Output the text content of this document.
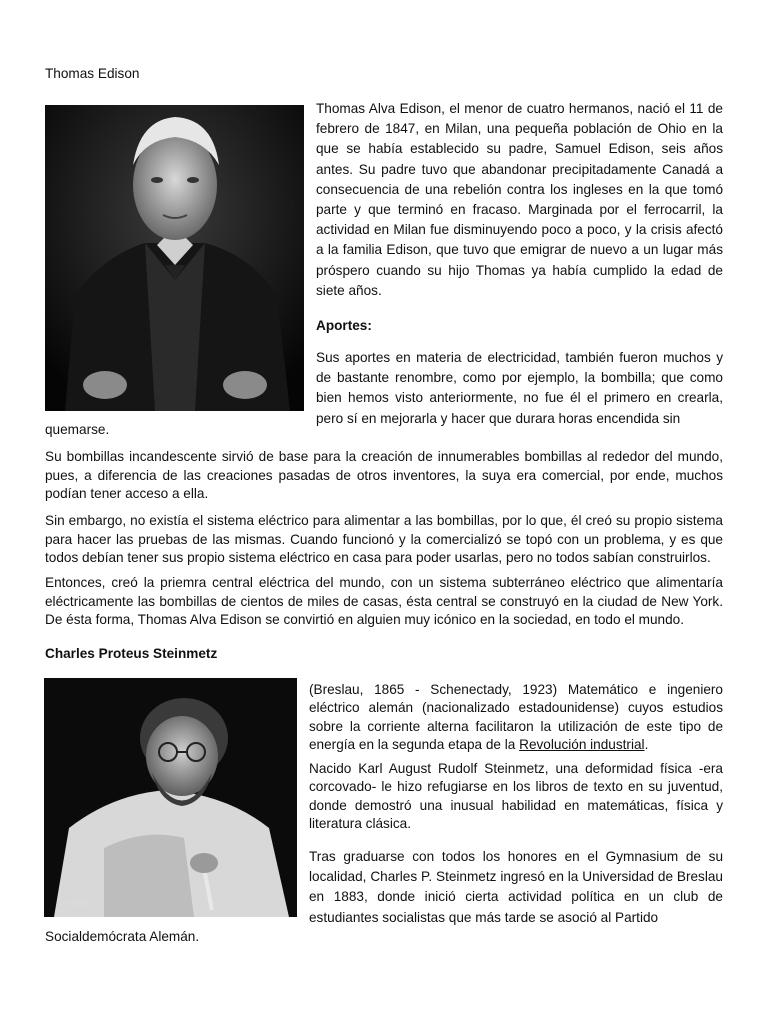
Thomas Edison
Thomas Alva Edison, el menor de cuatro hermanos, nació el 11 de febrero de 1847, en Milan, una pequeña población de Ohio en la que se había establecido su padre, Samuel Edison, seis años antes. Su padre tuvo que abandonar precipitadamente Canadá a consecuencia de una rebelión contra los ingleses en la que tomó parte y que terminó en fracaso. Marginada por el ferrocarril, la actividad en Milan fue disminuyendo poco a poco, y la crisis afectó a la familia Edison, que tuvo que emigrar de nuevo a un lugar más próspero cuando su hijo Thomas ya había cumplido la edad de siete años.
Aportes:
Sus aportes en materia de electricidad, también fueron muchos y de bastante renombre, como por ejemplo, la bombilla; que como bien hemos visto anteriormente, no fue él el primero en crearla, pero sí en mejorarla y hacer que durara horas encendida sin
quemarse.
Su bombillas incandescente sirvió de base para la creación de innumerables bombillas al rededor del mundo, pues, a diferencia de las creaciones pasadas de otros inventores, la suya era comercial, por ende, muchos podían tener acceso a ella.
Sin embargo, no existía el sistema eléctrico para alimentar a las bombillas, por lo que, él creó su propio sistema para hacer las pruebas de las mismas. Cuando funcionó y la comercializó se topó con un problema, y es que todos debían tener sus propio sistema eléctrico en casa para poder usarlas, pero no todos sabían construirlos.
Entonces, creó la priemra central eléctrica del mundo, con un sistema subterráneo eléctrico que alimentaría eléctricamente las bombillas de cientos de miles de casas, ésta central se construyó en la ciudad de New York. De ésta forma, Thomas Alva Edison se convirtió en alguien muy icónico en la sociedad, en todo el mundo.
Charles Proteus Steinmetz
61655
(Breslau, 1865 - Schenectady, 1923) Matemático e ingeniero eléctrico alemán (nacionalizado estadounidense) cuyos estudios sobre la corriente alterna facilitaron la utilización de este tipo de energía en la segunda etapa de la Revolución industrial.
Nacido Karl August Rudolf Steinmetz, una deformidad física -era corcovado- le hizo refugiarse en los libros de texto en su juventud, donde demostró una inusual habilidad en matemáticas, física y literatura clásica.
Tras graduarse con todos los honores en el Gymnasium de su localidad, Charles P. Steinmetz ingresó en la Universidad de Breslau en 1883, donde inició cierta actividad política en un club de estudiantes socialistas que más tarde se asoció al Partido
Socialdemócrata Alemán.
